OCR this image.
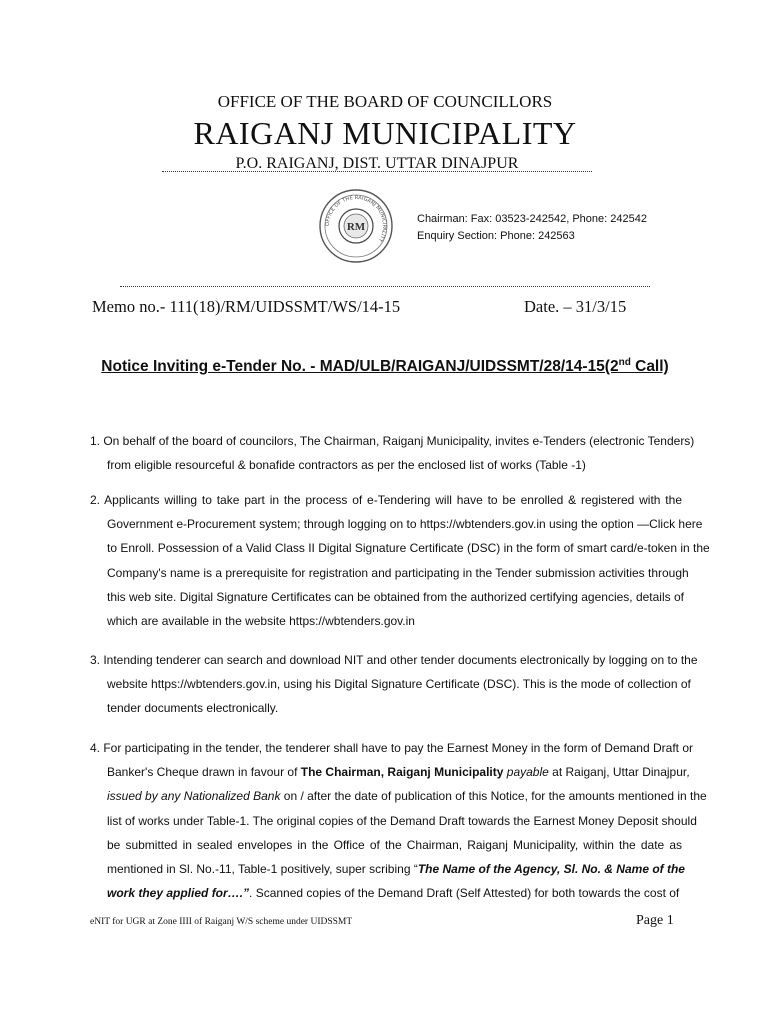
OFFICE OF THE BOARD OF COUNCILLORS
RAIGANJ MUNICIPALITY
P.O. RAIGANJ, DIST. UTTAR DINAJPUR
OFFICE OF THE RAIGANJ MUNICIPALITY
RM
Chairman: Fax: 03523-242542, Phone: 242542
Enquiry Section: Phone: 242563
Memo no.- 111(18)/RM/UIDSSMT/WS/14-15	Date. – 31/3/15
Notice Inviting e-Tender No. - MAD/ULB/RAIGANJ/UIDSSMT/28/14-15(2nd Call)
1. On behalf of the board of councilors, The Chairman, Raiganj Municipality, invites e-Tenders (electronic Tenders)
from eligible resourceful & bonafide contractors as per the enclosed list of works (Table -1)
2. Applicants willing to take part in the process of e-Tendering will have to be enrolled & registered with the
Government e-Procurement system; through logging on to https://wbtenders.gov.in using the option ―Click here
to Enroll. Possession of a Valid Class II Digital Signature Certificate (DSC) in the form of smart card/e-token in the
Company's name is a prerequisite for registration and participating in the Tender submission activities through
this web site. Digital Signature Certificates can be obtained from the authorized certifying agencies, details of
which are available in the website https://wbtenders.gov.in
3. Intending tenderer can search and download NIT and other tender documents electronically by logging on to the
website https://wbtenders.gov.in, using his Digital Signature Certificate (DSC). This is the mode of collection of
tender documents electronically.
4. For participating in the tender, the tenderer shall have to pay the Earnest Money in the form of Demand Draft or
Banker's Cheque drawn in favour of The Chairman, Raiganj Municipality payable at Raiganj, Uttar Dinajpur,
issued by any Nationalized Bank on / after the date of publication of this Notice, for the amounts mentioned in the
list of works under Table-1. The original copies of the Demand Draft towards the Earnest Money Deposit should
be submitted in sealed envelopes in the Office of the Chairman, Raiganj Municipality, within the date as
mentioned in Sl. No.-11, Table-1 positively, super scribing “The Name of the Agency, Sl. No. & Name of the
work they applied for….”. Scanned copies of the Demand Draft (Self Attested) for both towards the cost of
eNIT for UGR at Zone IIII of Raiganj W/S scheme under UIDSSMT	Page 1
